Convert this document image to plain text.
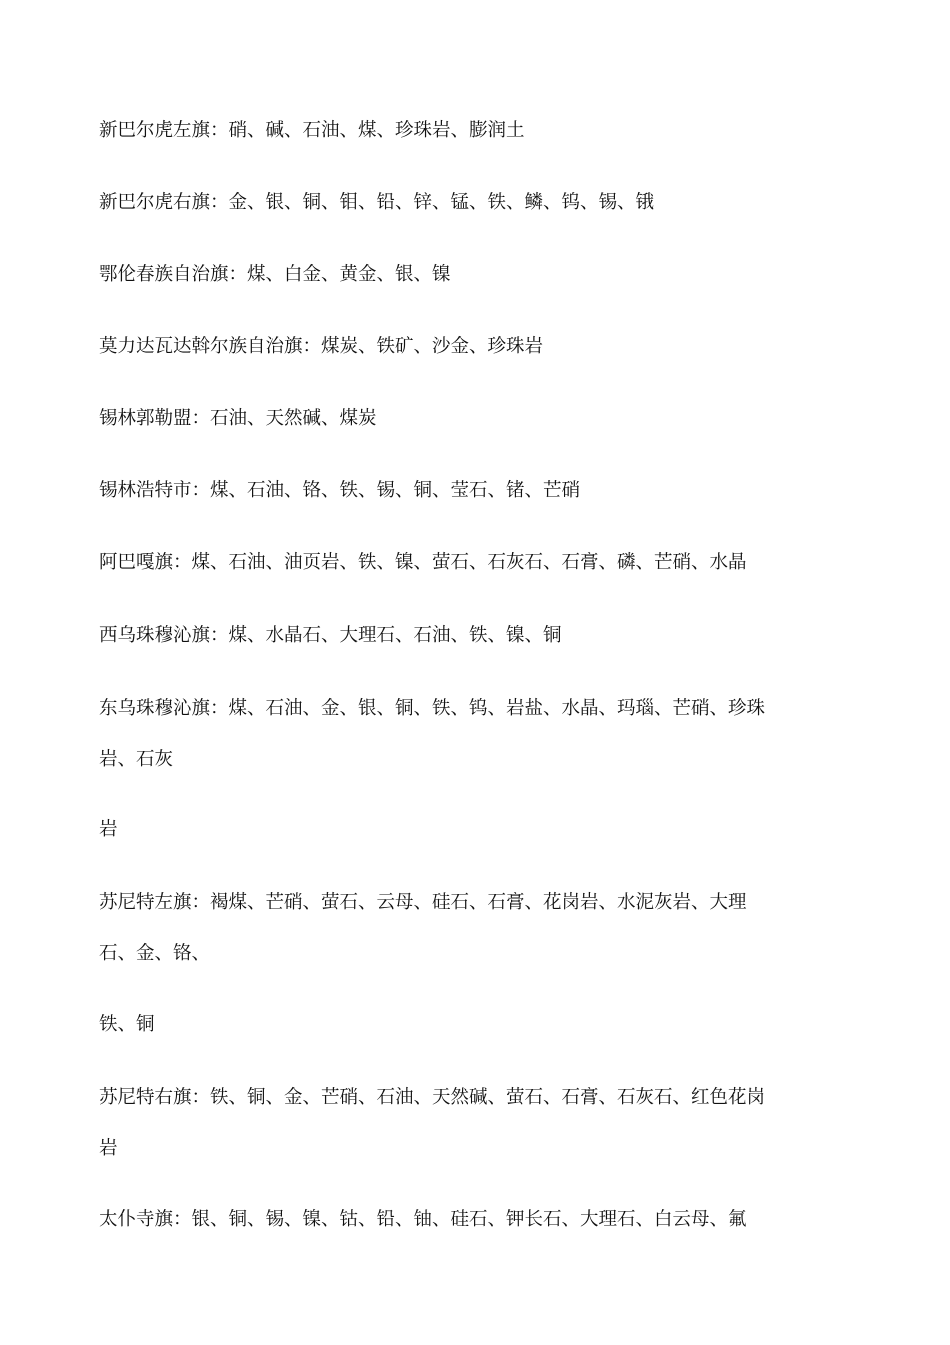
新巴尔虎左旗：硝、碱、石油、煤、珍珠岩、膨润土
新巴尔虎右旗：金、银、铜、钼、铅、锌、锰、铁、鳞、钨、锡、锇
鄂伦春族自治旗：煤、白金、黄金、银、镍
莫力达瓦达斡尔族自治旗：煤炭、铁矿、沙金、珍珠岩
锡林郭勒盟：石油、天然碱、煤炭
锡林浩特市：煤、石油、铬、铁、锡、铜、莹石、锗、芒硝
阿巴嘎旗：煤、石油、油页岩、铁、镍、萤石、石灰石、石膏、磷、芒硝、水晶
西乌珠穆沁旗：煤、水晶石、大理石、石油、铁、镍、铜
东乌珠穆沁旗：煤、石油、金、银、铜、铁、钨、岩盐、水晶、玛瑙、芒硝、珍珠
岩、石灰
岩
苏尼特左旗：褐煤、芒硝、萤石、云母、硅石、石膏、花岗岩、水泥灰岩、大理
石、金、铬、
铁、铜
苏尼特右旗：铁、铜、金、芒硝、石油、天然碱、萤石、石膏、石灰石、红色花岗
岩
太仆寺旗：银、铜、锡、镍、钴、铅、铀、硅石、钾长石、大理石、白云母、氟
